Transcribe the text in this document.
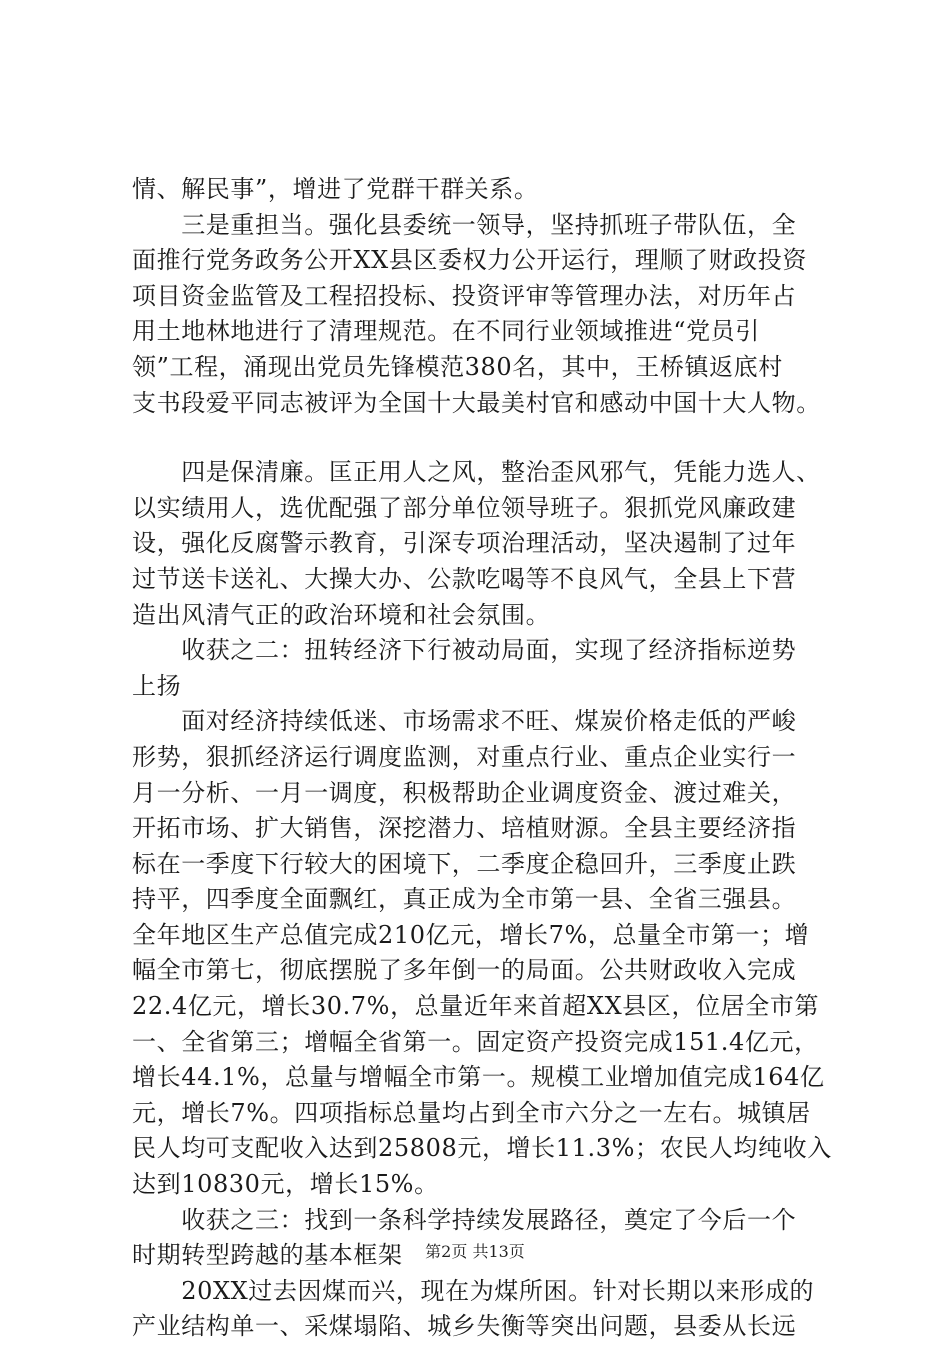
情、解民事”，增进了党群干群关系。
　　三是重担当。强化县委统一领导，坚持抓班子带队伍，全
面推行党务政务公开XX县区委权力公开运行，理顺了财政投资
项目资金监管及工程招投标、投资评审等管理办法，对历年占
用土地林地进行了清理规范。在不同行业领域推进“党员引
领”工程，涌现出党员先锋模范380名，其中，王桥镇返底村
支书段爱平同志被评为全国十大最美村官和感动中国十大人物。
　　四是保清廉。匡正用人之风，整治歪风邪气，凭能力选人、
以实绩用人，选优配强了部分单位领导班子。狠抓党风廉政建
设，强化反腐警示教育，引深专项治理活动，坚决遏制了过年
过节送卡送礼、大操大办、公款吃喝等不良风气，全县上下营
造出风清气正的政治环境和社会氛围。
　　收获之二：扭转经济下行被动局面，实现了经济指标逆势
上扬
　　面对经济持续低迷、市场需求不旺、煤炭价格走低的严峻
形势，狠抓经济运行调度监测，对重点行业、重点企业实行一
月一分析、一月一调度，积极帮助企业调度资金、渡过难关，
开拓市场、扩大销售，深挖潜力、培植财源。全县主要经济指
标在一季度下行较大的困境下，二季度企稳回升，三季度止跌
持平，四季度全面飘红，真正成为全市第一县、全省三强县。
全年地区生产总值完成210亿元，增长7%，总量全市第一；增
幅全市第七，彻底摆脱了多年倒一的局面。公共财政收入完成
22.4亿元，增长30.7%，总量近年来首超XX县区，位居全市第
一、全省第三；增幅全省第一。固定资产投资完成151.4亿元，
增长44.1%，总量与增幅全市第一。规模工业增加值完成164亿
元，增长7%。四项指标总量均占到全市六分之一左右。城镇居
民人均可支配收入达到25808元，增长11.3%；农民人均纯收入
达到10830元，增长15%。
　　收获之三：找到一条科学持续发展路径，奠定了今后一个
时期转型跨越的基本框架
　　20XX过去因煤而兴，现在为煤所困。针对长期以来形成的
产业结构单一、采煤塌陷、城乡失衡等突出问题，县委从长远
第2页 共13页
